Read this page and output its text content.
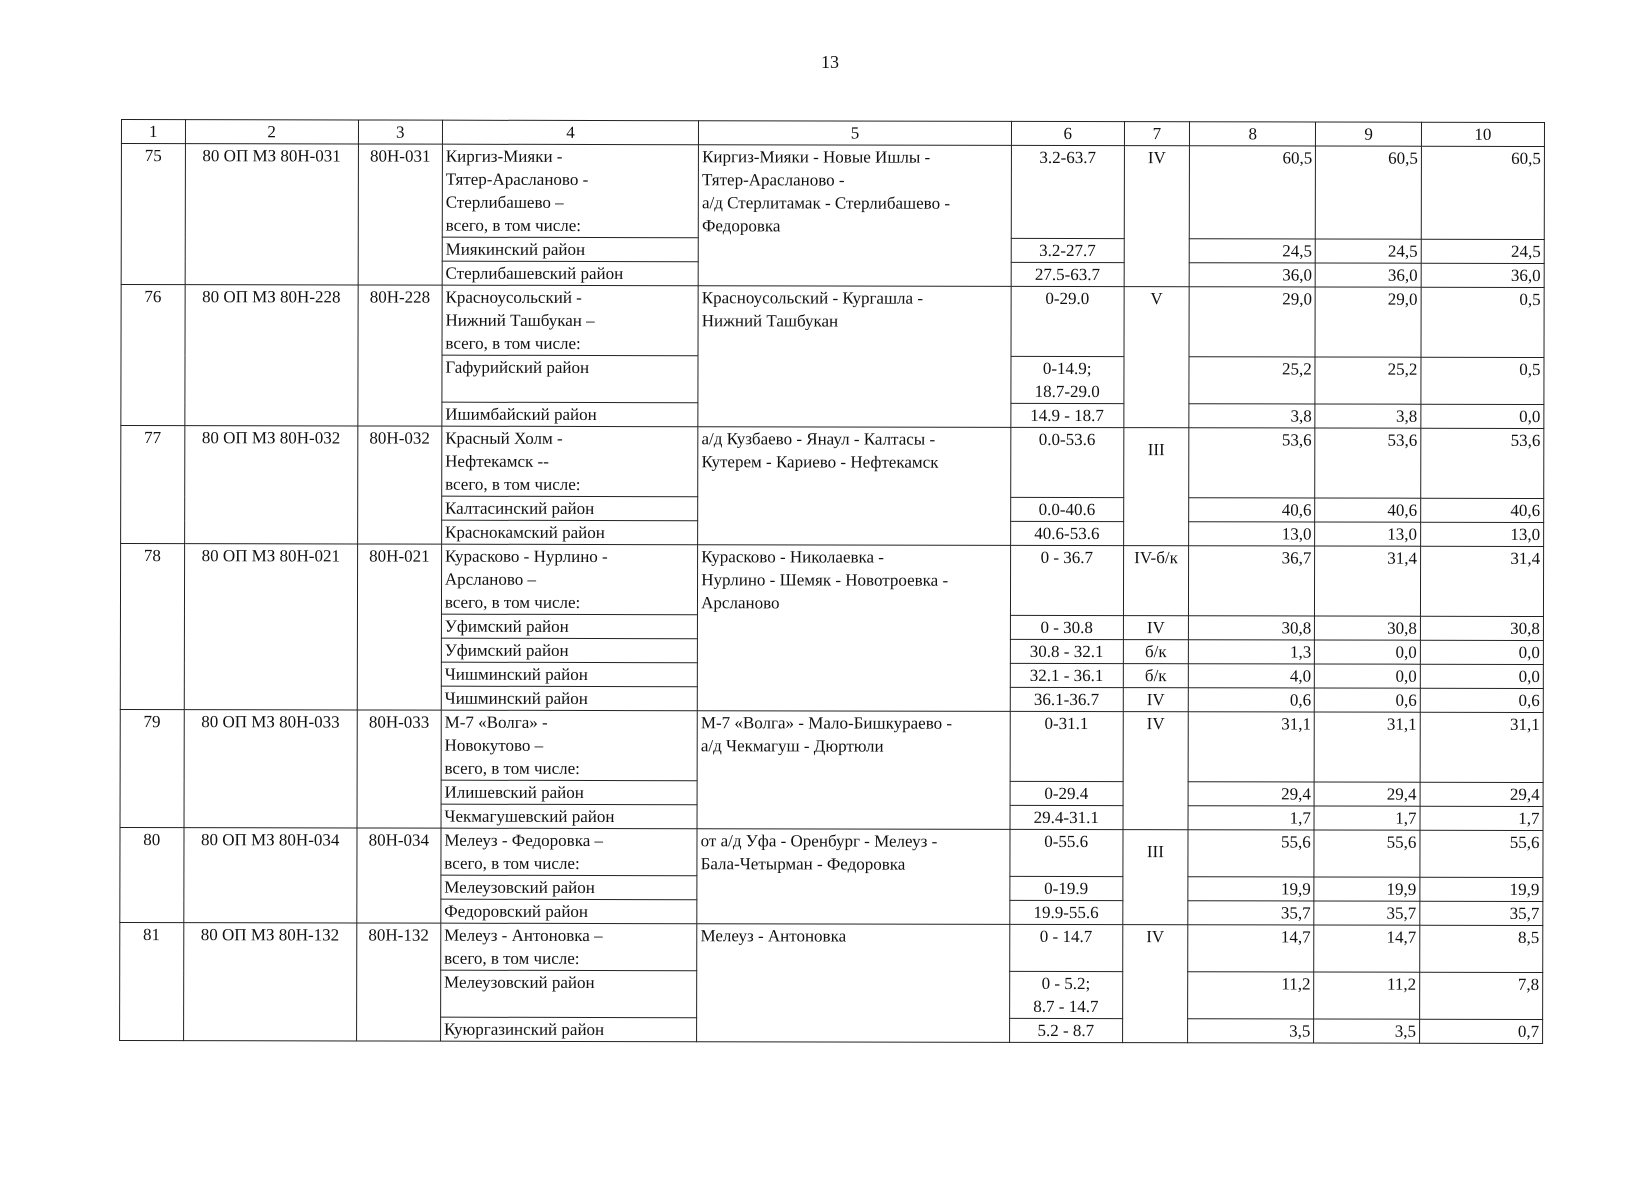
13
1	2	3	4	5	6	7	8	9	10
75	80 ОП МЗ 80Н-031	80Н-031	Киргиз-Мияки -
Тятер-Арасланово -
Стерлибашево –
всего, в том числе:	Киргиз-Мияки - Новые Ишлы -
Тятер-Арасланово -
а/д Стерлитамак - Стерлибашево -
Федоровка	3.2-63.7	IV	60,5	60,5	60,5
			Миякинский район		3.2-27.7		24,5	24,5	24,5
			Стерлибашевский район		27.5-63.7		36,0	36,0	36,0
76	80 ОП МЗ 80Н-228	80Н-228	Красноусольский -
Нижний Ташбукан –
всего, в том числе:	Красноусольский - Кургашла -
Нижний Ташбукан	0-29.0	V	29,0	29,0	0,5
			Гафурийский район		0-14.9;
18.7-29.0		25,2	25,2	0,5
			Ишимбайский район		14.9 - 18.7		3,8	3,8	0,0
77	80 ОП МЗ 80Н-032	80Н-032	Красный Холм -
Нефтекамск --
всего, в том числе:	а/д Кузбаево - Янаул - Калтасы -
Кутерем - Кариево - Нефтекамск	0.0-53.6	III	53,6	53,6	53,6
			Калтасинский район		0.0-40.6		40,6	40,6	40,6
			Краснокамский район		40.6-53.6		13,0	13,0	13,0
78	80 ОП МЗ 80Н-021	80Н-021	Курасково - Нурлино -
Арсланово –
всего, в том числе:	Курасково - Николаевка -
Нурлино - Шемяк - Новотроевка -
Арсланово	0 - 36.7	IV-б/к	36,7	31,4	31,4
			Уфимский район		0 - 30.8	IV	30,8	30,8	30,8
			Уфимский район		30.8 - 32.1	б/к	1,3	0,0	0,0
			Чишминский район		32.1 - 36.1	б/к	4,0	0,0	0,0
			Чишминский район		36.1-36.7	IV	0,6	0,6	0,6
79	80 ОП МЗ 80Н-033	80Н-033	М-7 «Волга» -
Новокутово –
всего, в том числе:	М-7 «Волга» - Мало-Бишкураево -
а/д Чекмагуш - Дюртюли	0-31.1	IV	31,1	31,1	31,1
			Илишевский район		0-29.4		29,4	29,4	29,4
			Чекмагушевский район		29.4-31.1		1,7	1,7	1,7
80	80 ОП МЗ 80Н-034	80Н-034	Мелеуз - Федоровка –
всего, в том числе:	от а/д Уфа - Оренбург - Мелеуз -
Бала-Четырман - Федоровка	0-55.6	III	55,6	55,6	55,6
			Мелеузовский район		0-19.9		19,9	19,9	19,9
			Федоровский район		19.9-55.6		35,7	35,7	35,7
81	80 ОП МЗ 80Н-132	80Н-132	Мелеуз - Антоновка –
всего, в том числе:	Мелеуз - Антоновка	0 - 14.7	IV	14,7	14,7	8,5
			Мелеузовский район		0 - 5.2;
8.7 - 14.7		11,2	11,2	7,8
			Куюргазинский район		5.2 - 8.7		3,5	3,5	0,7
